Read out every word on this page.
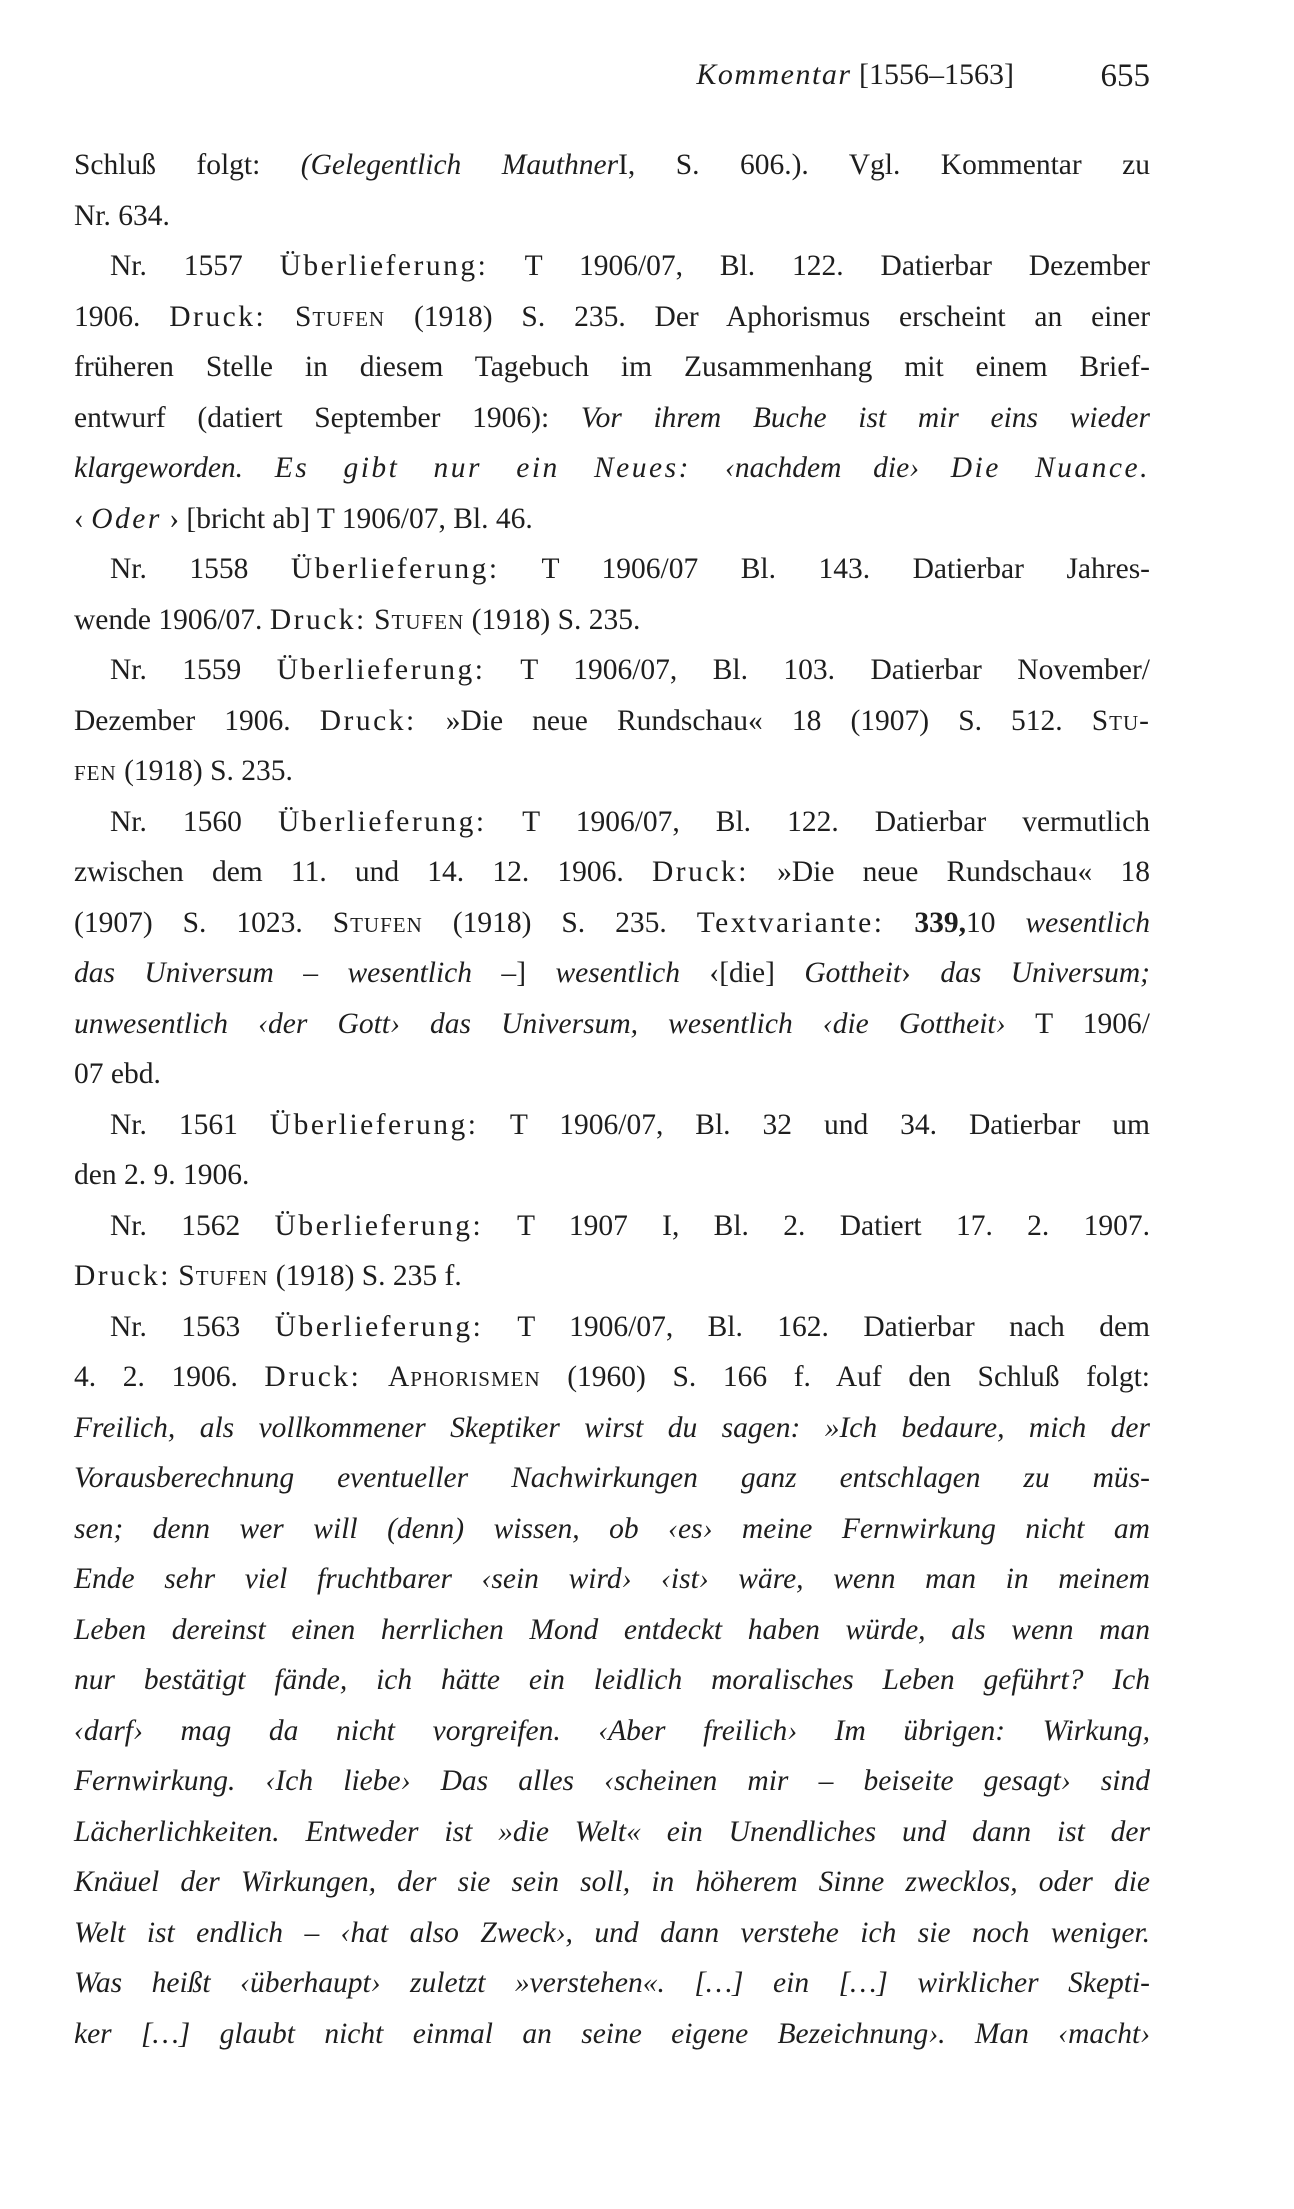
Kommentar [1556–1563]	655
Schluß folgt: (Gelegentlich MauthnerI, S. 606.). Vgl. Kommentar zu
Nr. 634.
Nr. 1557 Überlieferung: T 1906/07, Bl. 122. Datierbar Dezember
1906. Druck: Stufen (1918) S. 235. Der Aphorismus erscheint an einer
früheren Stelle in diesem Tagebuch im Zusammenhang mit einem Brief-
entwurf (datiert September 1906): Vor ihrem Buche ist mir eins wieder
klargeworden. Es gibt nur ein Neues: ‹nachdem die› Die Nuance.
‹ Oder › [bricht ab] T 1906/07, Bl. 46.
Nr. 1558 Überlieferung: T 1906/07 Bl. 143. Datierbar Jahres-
wende 1906/07. Druck: Stufen (1918) S. 235.
Nr. 1559 Überlieferung: T 1906/07, Bl. 103. Datierbar November/
Dezember 1906. Druck: »Die neue Rundschau« 18 (1907) S. 512. Stu-
fen (1918) S. 235.
Nr. 1560 Überlieferung: T 1906/07, Bl. 122. Datierbar vermutlich
zwischen dem 11. und 14. 12. 1906. Druck: »Die neue Rundschau« 18
(1907) S. 1023. Stufen (1918) S. 235. Textvariante: 339,10 wesentlich
das Universum – wesentlich –] wesentlich ‹[die] Gottheit› das Universum;
unwesentlich ‹der Gott› das Universum, wesentlich ‹die Gottheit› T 1906/
07 ebd.
Nr. 1561 Überlieferung: T 1906/07, Bl. 32 und 34. Datierbar um
den 2. 9. 1906.
Nr. 1562 Überlieferung: T 1907 I, Bl. 2. Datiert 17. 2. 1907.
Druck: Stufen (1918) S. 235 f.
Nr. 1563 Überlieferung: T 1906/07, Bl. 162. Datierbar nach dem
4. 2. 1906. Druck: Aphorismen (1960) S. 166 f. Auf den Schluß folgt:
Freilich, als vollkommener Skeptiker wirst du sagen: »Ich bedaure, mich der
Vorausberechnung eventueller Nachwirkungen ganz entschlagen zu müs-
sen; denn wer will (denn) wissen, ob ‹es› meine Fernwirkung nicht am
Ende sehr viel fruchtbarer ‹sein wird› ‹ist› wäre, wenn man in meinem
Leben dereinst einen herrlichen Mond entdeckt haben würde, als wenn man
nur bestätigt fände, ich hätte ein leidlich moralisches Leben geführt? Ich
‹darf› mag da nicht vorgreifen. ‹Aber freilich› Im übrigen: Wirkung,
Fernwirkung. ‹Ich liebe› Das alles ‹scheinen mir – beiseite gesagt› sind
Lächerlichkeiten. Entweder ist »die Welt« ein Unendliches und dann ist der
Knäuel der Wirkungen, der sie sein soll, in höherem Sinne zwecklos, oder die
Welt ist endlich – ‹hat also Zweck›, und dann verstehe ich sie noch weniger.
Was heißt ‹überhaupt› zuletzt »verstehen«. […] ein […] wirklicher Skepti-
ker […] glaubt nicht einmal an seine eigene Bezeichnung›. Man ‹macht›
